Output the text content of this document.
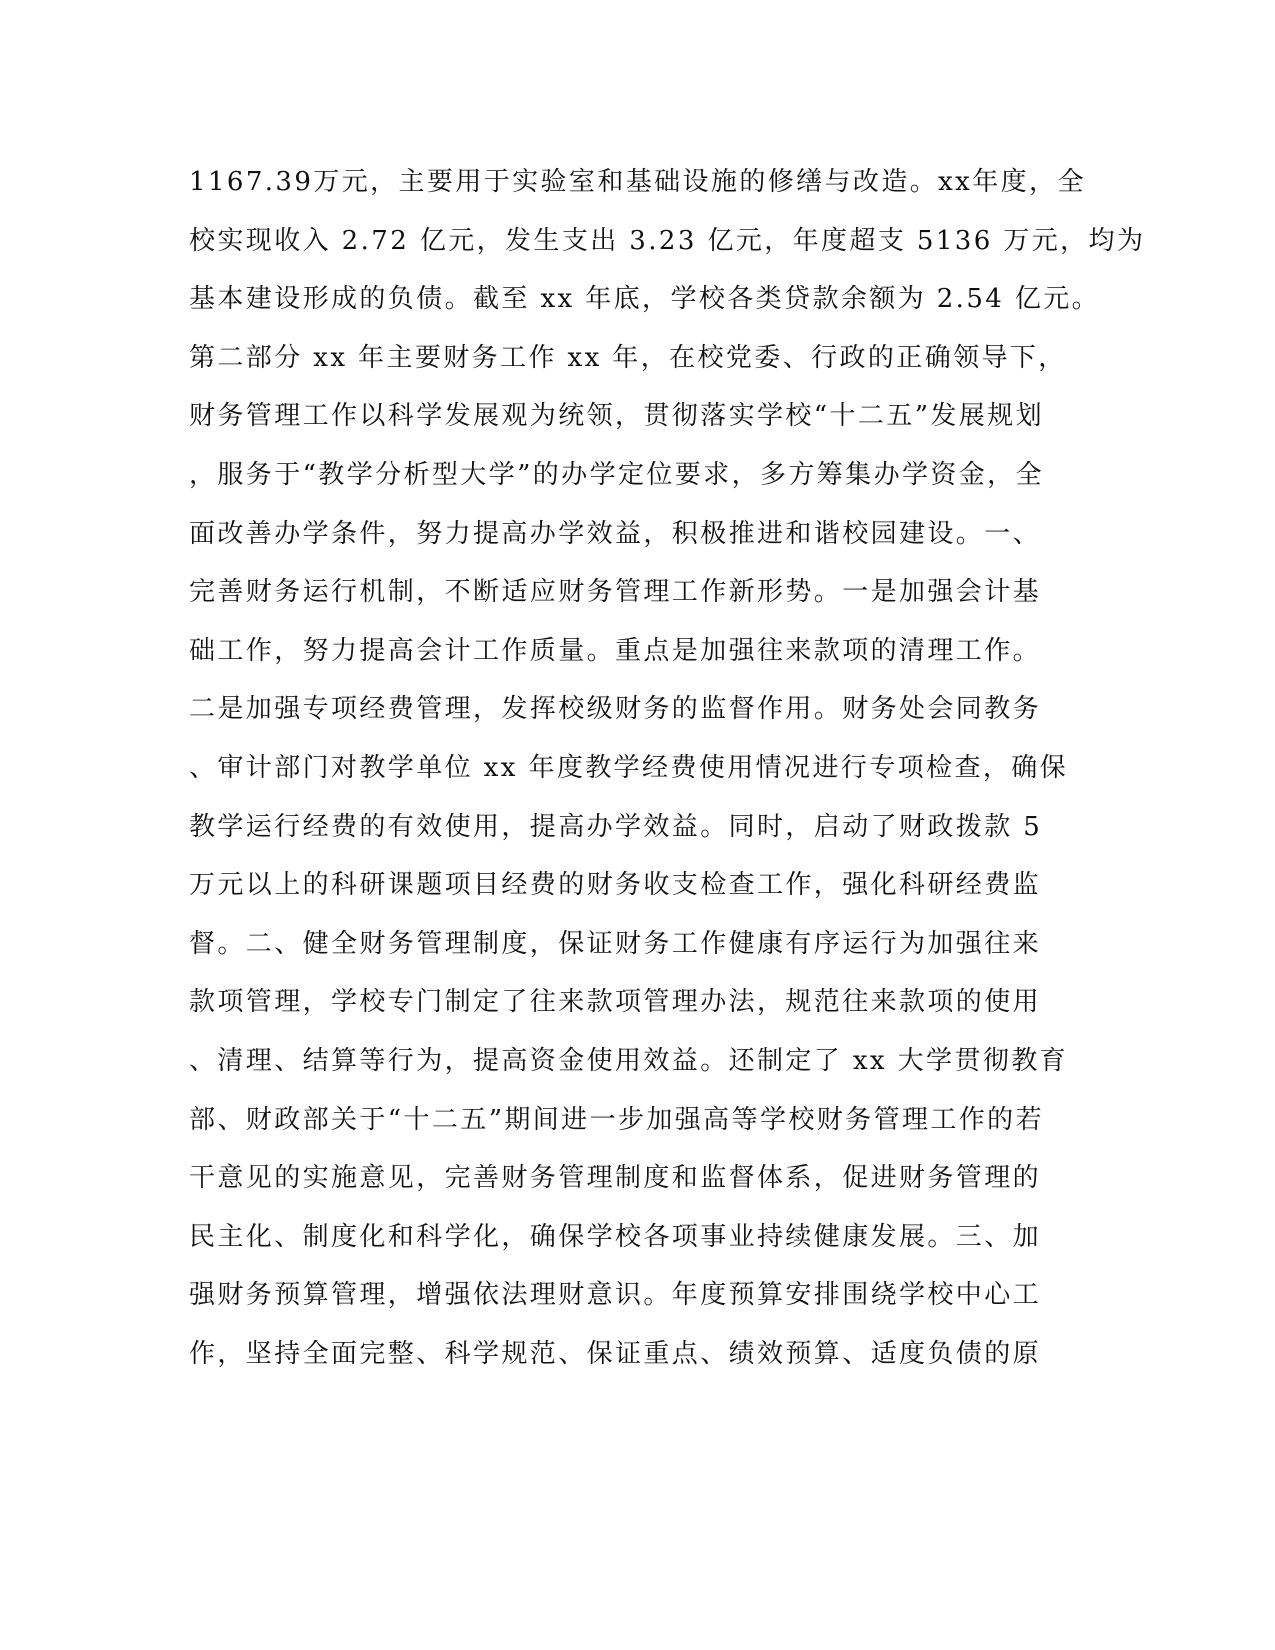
1167.39万元，主要用于实验室和基础设施的修缮与改造。xx年度，全
校实现收入 2.72 亿元，发生支出 3.23 亿元，年度超支 5136 万元，均为
基本建设形成的负债。截至 xx 年底，学校各类贷款余额为 2.54 亿元。
第二部分 xx 年主要财务工作 xx 年，在校党委、行政的正确领导下，
财务管理工作以科学发展观为统领，贯彻落实学校“十二五”发展规划
，服务于“教学分析型大学”的办学定位要求，多方筹集办学资金，全
面改善办学条件，努力提高办学效益，积极推进和谐校园建设。一、
完善财务运行机制，不断适应财务管理工作新形势。一是加强会计基
础工作，努力提高会计工作质量。重点是加强往来款项的清理工作。
二是加强专项经费管理，发挥校级财务的监督作用。财务处会同教务
、审计部门对教学单位 xx 年度教学经费使用情况进行专项检查，确保
教学运行经费的有效使用，提高办学效益。同时，启动了财政拨款 5
万元以上的科研课题项目经费的财务收支检查工作，强化科研经费监
督。二、健全财务管理制度，保证财务工作健康有序运行为加强往来
款项管理，学校专门制定了往来款项管理办法，规范往来款项的使用
、清理、结算等行为，提高资金使用效益。还制定了 xx 大学贯彻教育
部、财政部关于“十二五”期间进一步加强高等学校财务管理工作的若
干意见的实施意见，完善财务管理制度和监督体系，促进财务管理的
民主化、制度化和科学化，确保学校各项事业持续健康发展。三、加
强财务预算管理，增强依法理财意识。年度预算安排围绕学校中心工
作，坚持全面完整、科学规范、保证重点、绩效预算、适度负债的原
